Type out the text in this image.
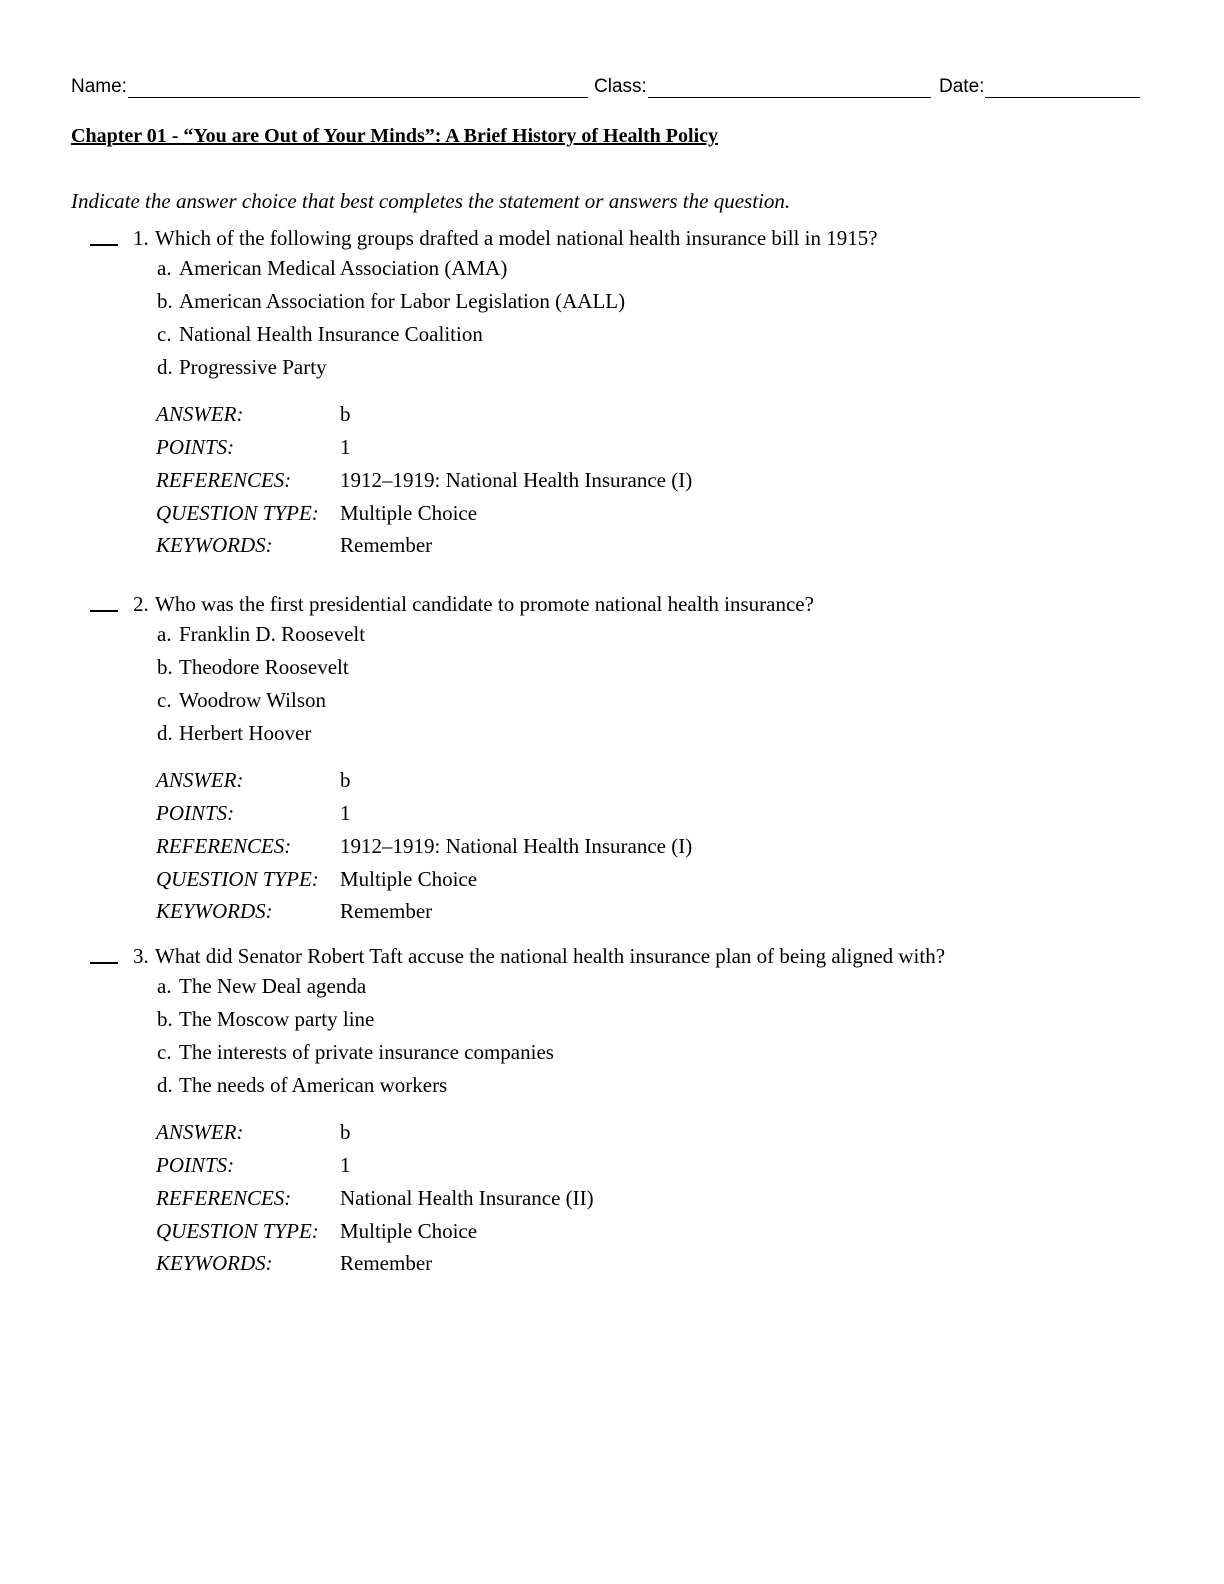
Name:	Class:	Date:
Chapter 01 - “You are Out of Your Minds”: A Brief History of Health Policy
Indicate the answer choice that best completes the statement or answers the question.
1. Which of the following groups drafted a model national health insurance bill in 1915?
a. American Medical Association (AMA)
b. American Association for Labor Legislation (AALL)
c. National Health Insurance Coalition
d. Progressive Party
ANSWER:	b
POINTS:	1
REFERENCES: 1912–1919: National Health Insurance (I)
QUESTION TYPE: Multiple Choice
KEYWORDS:	Remember
2. Who was the first presidential candidate to promote national health insurance?
a. Franklin D. Roosevelt
b. Theodore Roosevelt
c. Woodrow Wilson
d. Herbert Hoover
ANSWER:	b
POINTS:	1
REFERENCES: 1912–1919: National Health Insurance (I)
QUESTION TYPE: Multiple Choice
KEYWORDS:	Remember
3. What did Senator Robert Taft accuse the national health insurance plan of being aligned with?
a. The New Deal agenda
b. The Moscow party line
c. The interests of private insurance companies
d. The needs of American workers
ANSWER:	b
POINTS:	1
REFERENCES: National Health Insurance (II)
QUESTION TYPE: Multiple Choice
KEYWORDS:	Remember
